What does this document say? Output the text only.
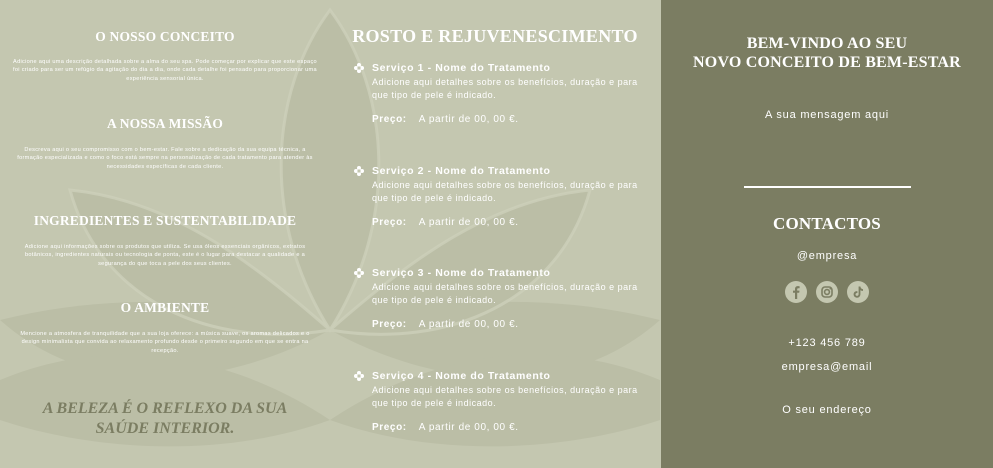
O NOSSO CONCEITO
Adicione aqui uma descrição detalhada sobre a alma do seu spa. Pode começar por explicar que este espaço foi criado para ser um refúgio da agitação do dia a dia, onde cada detalhe foi pensado para proporcionar uma experiência sensorial única.
A NOSSA MISSÃO
Descreva aqui o seu compromisso com o bem-estar. Fale sobre a dedicação da sua equipa técnica, a formação especializada e como o foco está sempre na personalização de cada tratamento para atender às necessidades específicas de cada cliente.
INGREDIENTES E SUSTENTABILIDADE
Adicione aqui informações sobre os produtos que utiliza. Se usa óleos essenciais orgânicos, extratos botânicos, ingredientes naturais ou tecnologia de ponta, este é o lugar para destacar a qualidade e a segurança do que toca a pele dos seus clientes.
O AMBIENTE
Mencione a atmosfera de tranquilidade que a sua loja oferece: a música suave, os aromas delicados e o design minimalista que convida ao relaxamento profundo desde o primeiro segundo em que se entra na recepção.
A BELEZA É O REFLEXO DA SUA SAÚDE INTERIOR.
ROSTO E REJUVENESCIMENTO
Serviço 1 - Nome do Tratamento
Adicione aqui detalhes sobre os benefícios, duração e para que tipo de pele é indicado.
Preço: A partir de 00, 00 €.
Serviço 2 - Nome do Tratamento
Adicione aqui detalhes sobre os benefícios, duração e para que tipo de pele é indicado.
Preço: A partir de 00, 00 €.
Serviço 3 - Nome do Tratamento
Adicione aqui detalhes sobre os benefícios, duração e para que tipo de pele é indicado.
Preço: A partir de 00, 00 €.
Serviço 4 - Nome do Tratamento
Adicione aqui detalhes sobre os benefícios, duração e para que tipo de pele é indicado.
Preço: A partir de 00, 00 €.
BEM-VINDO AO SEU
NOVO CONCEITO DE BEM-ESTAR
A sua mensagem aqui
CONTACTOS
@empresa
+123 456 789
empresa@email
O seu endereço
